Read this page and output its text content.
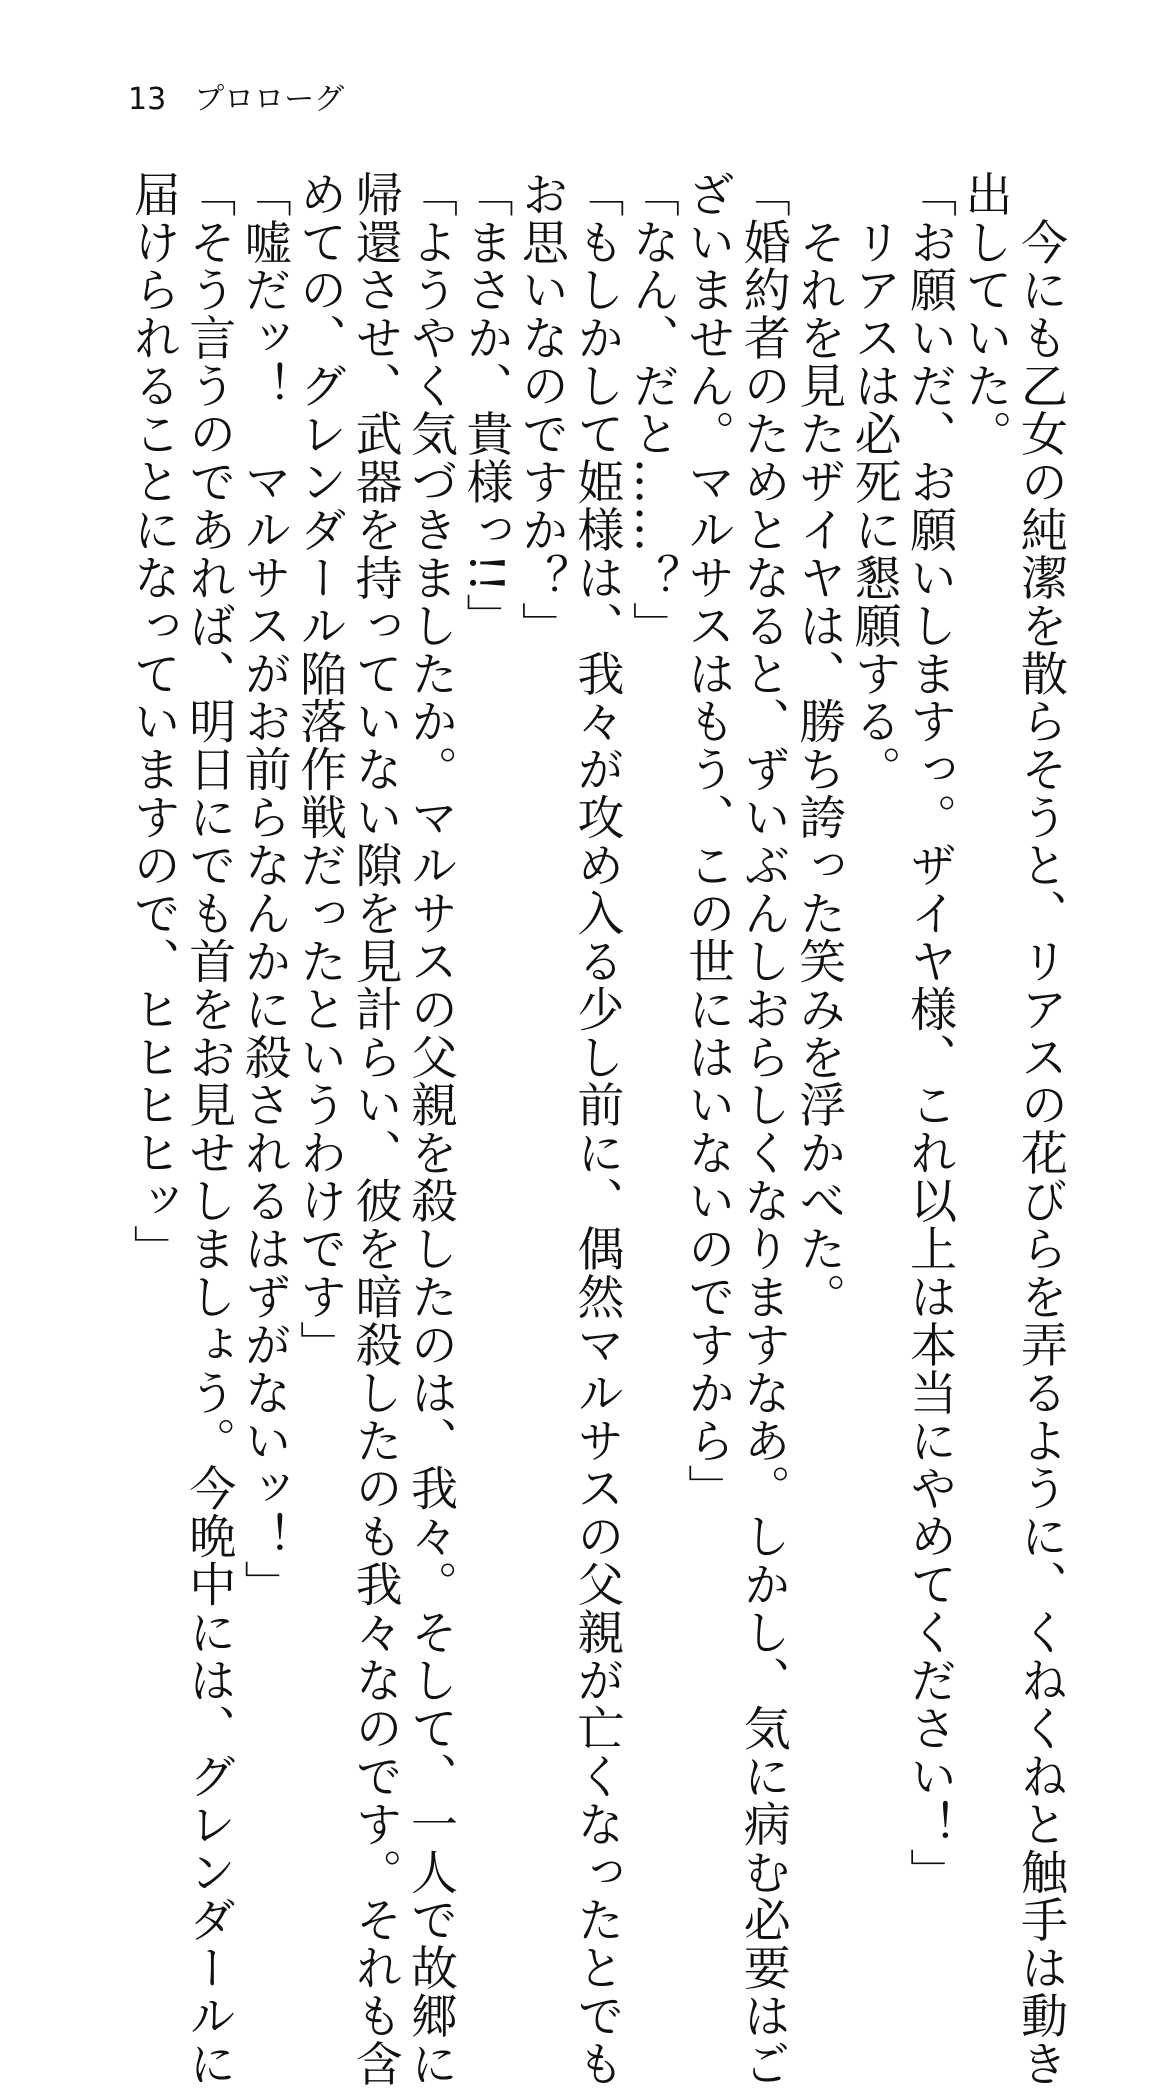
13 プロローグ
　今にも乙女の純潔を散らそうと、リアスの花びらを弄るように、くねくねと触手は動き
出していた。
「お願いだ、お願いしますっ。ザイヤ様、これ以上は本当にやめてください！」
　リアスは必死に懇願する。
　それを見たザイヤは、勝ち誇った笑みを浮かべた。
「婚約者のためとなると、ずいぶんしおらしくなりますなあ。しかし、気に病む必要はご
ざいません。マルサスはもう、この世にはいないのですから」
「なん、だと……？」
「もしかして姫様は、我々が攻め入る少し前に、偶然マルサスの父親が亡くなったとでも
お思いなのですか？」
「まさか、貴様っ!!」
「ようやく気づきましたか。マルサスの父親を殺したのは、我々。そして、一人で故郷に
帰還させ、武器を持っていない隙を見計らい、彼を暗殺したのも我々なのです。それも含
めての、グレンダール陥落作戦だったというわけです」
「嘘だッ！　マルサスがお前らなんかに殺されるはずがないッ！」
「そう言うのであれば、明日にでも首をお見せしましょう。今晩中には、グレンダールに
届けられることになっていますので、ヒヒヒヒッ」
